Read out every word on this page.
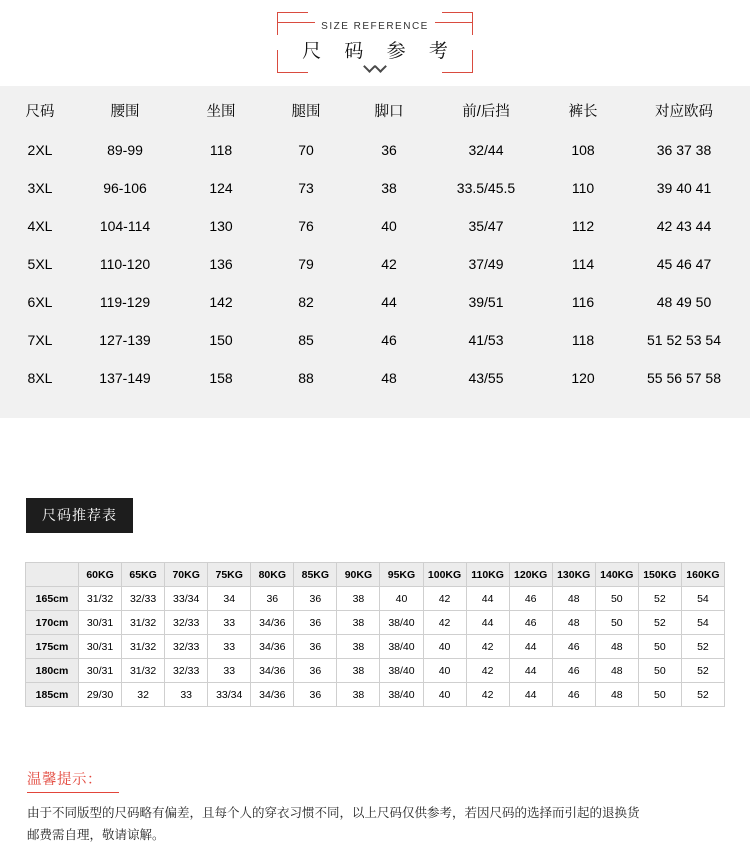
SIZE REFERENCE
尺 码 参 考
尺码	腰围	坐围	腿围	脚口	前/后挡	裤长	对应欧码
2XL	89-99	118	70	36	32/44	108	36 37 38
3XL	96-106	124	73	38	33.5/45.5	110	39 40 41
4XL	104-114	130	76	40	35/47	112	42 43 44
5XL	110-120	136	79	42	37/49	114	45 46 47
6XL	119-129	142	82	44	39/51	116	48 49 50
7XL	127-139	150	85	46	41/53	118	51 52 53 54
8XL	137-149	158	88	48	43/55	120	55 56 57 58
尺码推荐表
	60KG	65KG	70KG	75KG	80KG	85KG	90KG	95KG	100KG	110KG	120KG	130KG	140KG	150KG	160KG
165cm	31/32	32/33	33/34	34	36	36	38	40	42	44	46	48	50	52	54
170cm	30/31	31/32	32/33	33	34/36	36	38	38/40	42	44	46	48	50	52	54
175cm	30/31	31/32	32/33	33	34/36	36	38	38/40	40	42	44	46	48	50	52
180cm	30/31	31/32	32/33	33	34/36	36	38	38/40	40	42	44	46	48	50	52
185cm	29/30	32	33	33/34	34/36	36	38	38/40	40	42	44	46	48	50	52
温馨提示：
由于不同版型的尺码略有偏差，且每个人的穿衣习惯不同，以上尺码仅供参考，若因尺码的选择而引起的退换货
邮费需自理，敬请谅解。
